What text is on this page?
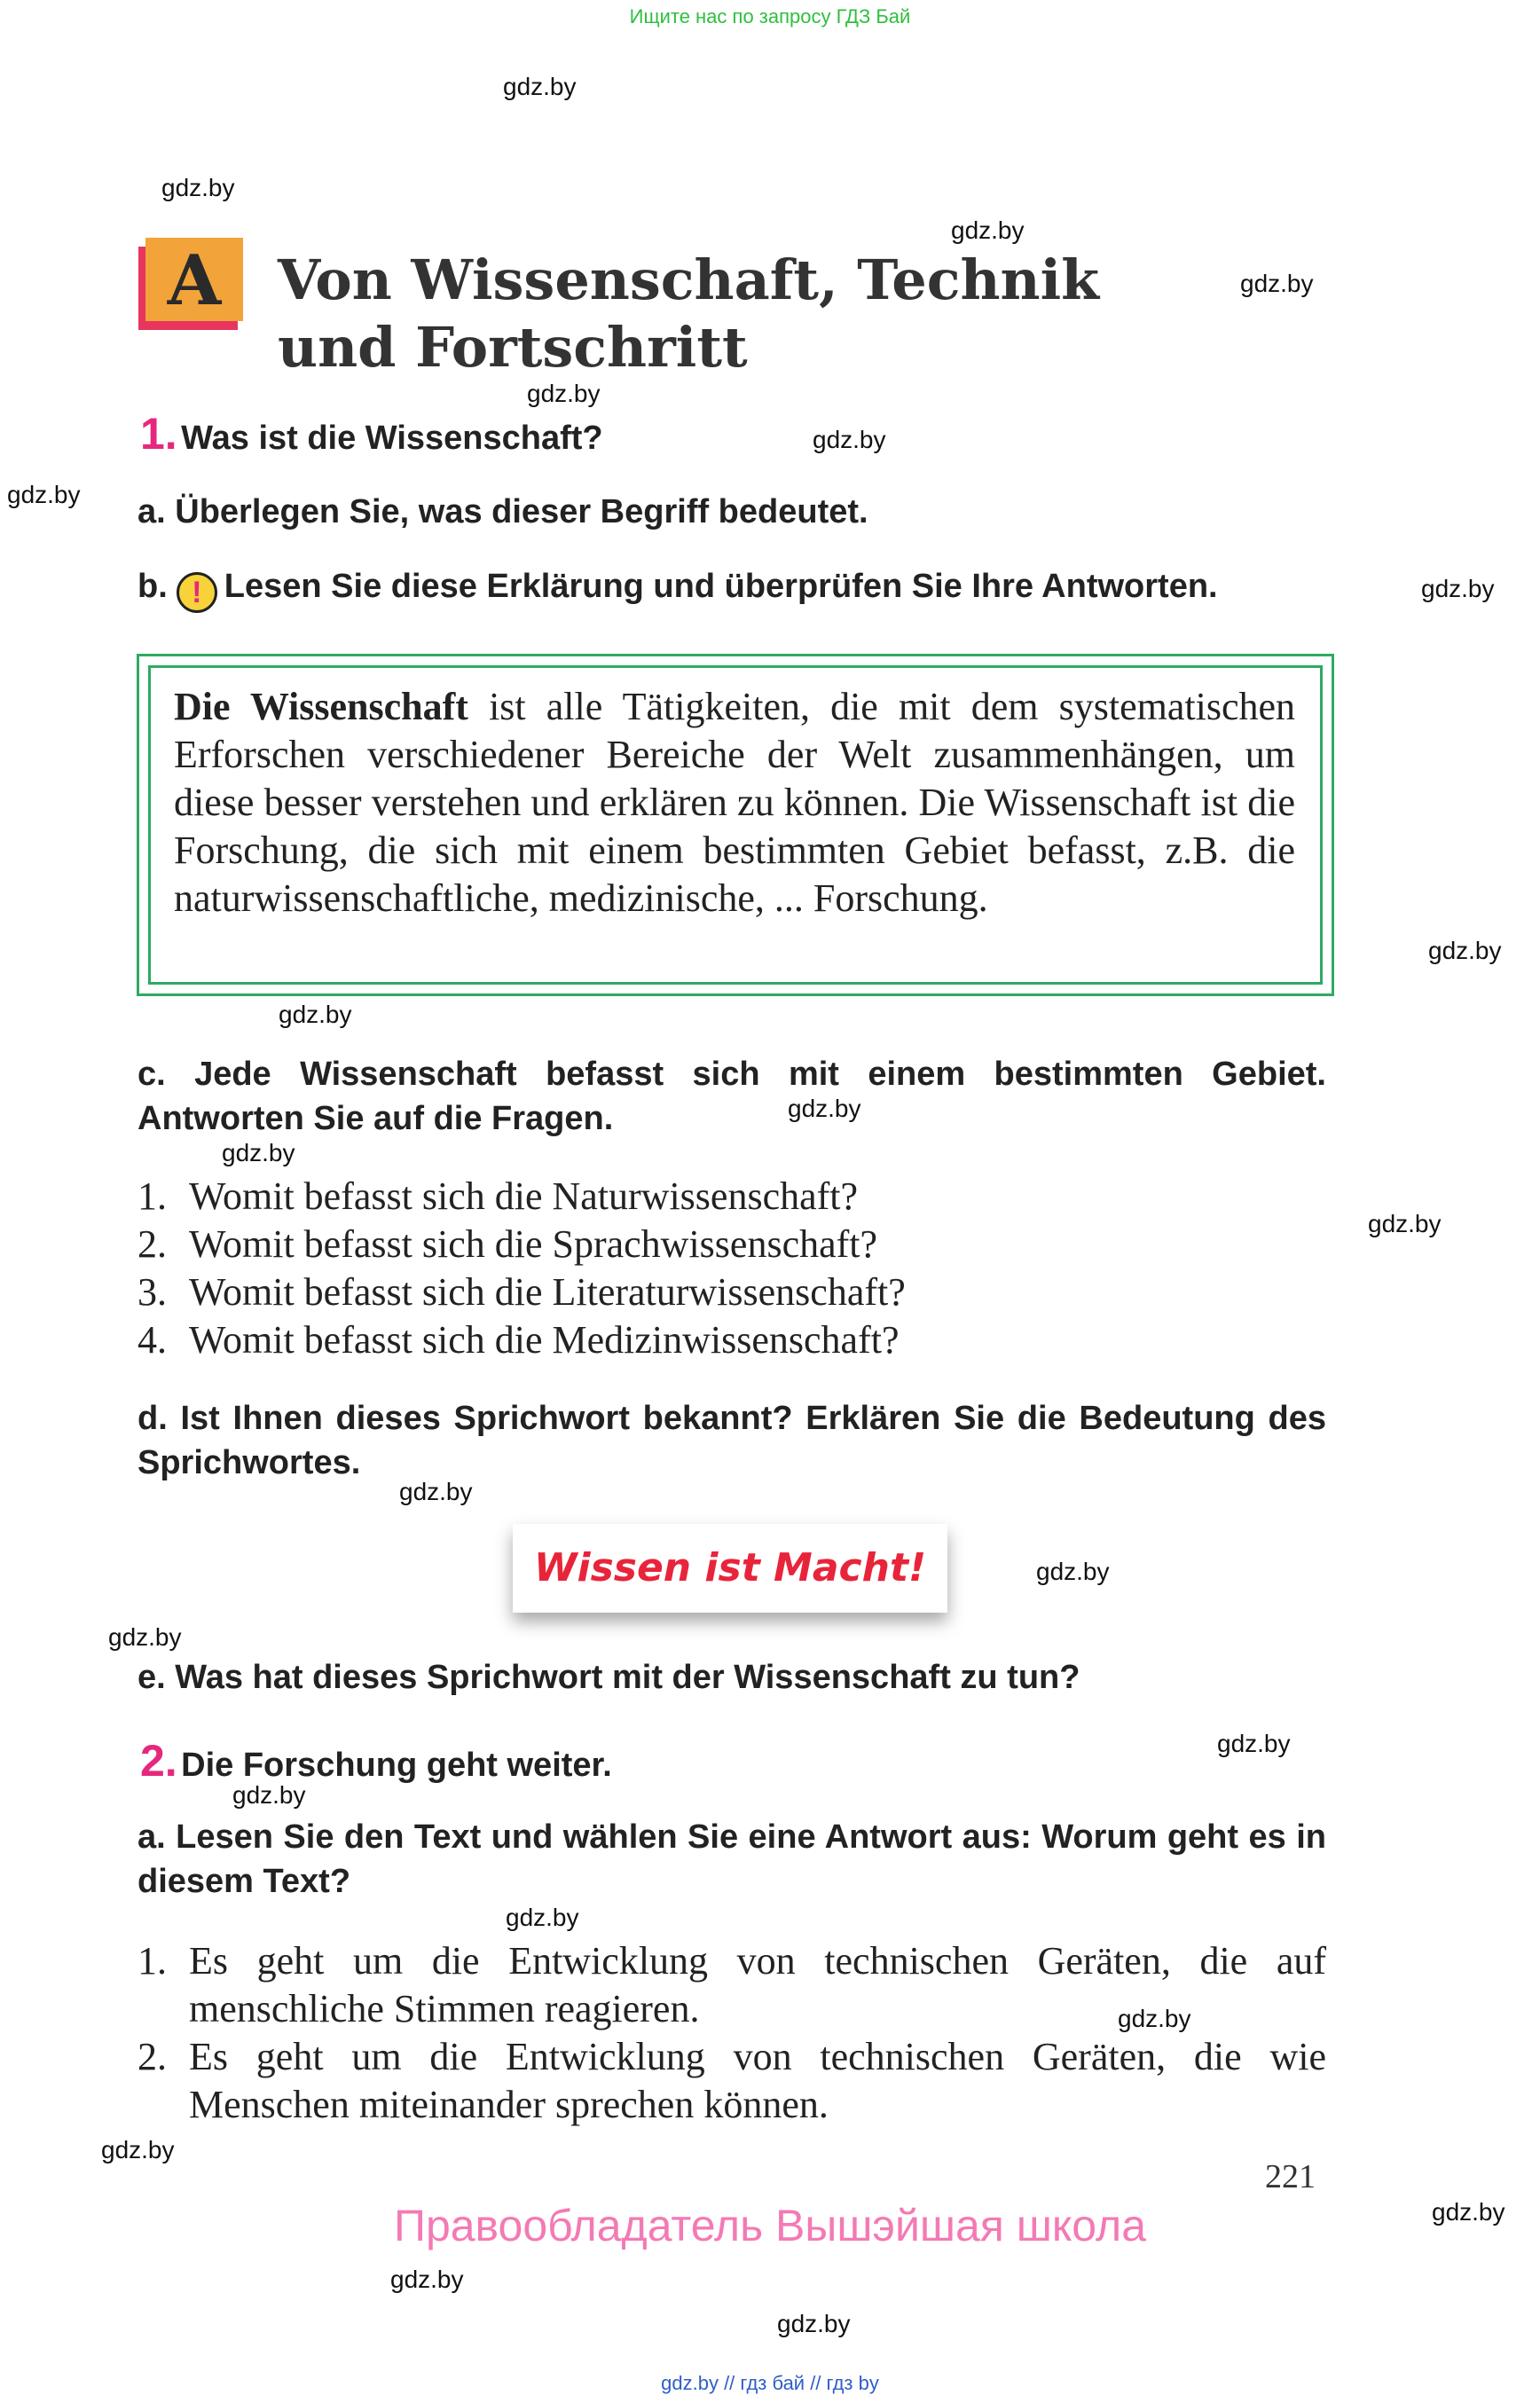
Ищите нас по запросу ГДЗ Бай
gdz.by
gdz.by
gdz.by
gdz.by
gdz.by
gdz.by
gdz.by
gdz.by
gdz.by
gdz.by
gdz.by
gdz.by
gdz.by
gdz.by
gdz.by
gdz.by
gdz.by
gdz.by
gdz.by
gdz.by
gdz.by
gdz.by
gdz.by
gdz.by
A	Von Wissenschaft, Technik
und Fortschritt
1. Was ist die Wissenschaft?
a. Überlegen Sie, was dieser Begriff bedeutet.
b. ! Lesen Sie diese Erklärung und überprüfen Sie Ihre Antworten.
Die Wissenschaft ist alle Tätigkeiten, die mit dem systematischen Erforschen verschiedener Bereiche der Welt zusammenhängen, um diese besser verstehen und erklären zu können. Die Wissenschaft ist die Forschung, die sich mit einem bestimmten Gebiet befasst, z.B. die naturwissenschaftliche, medizinische, ... Forschung.
c. Jede Wissenschaft befasst sich mit einem bestimmten Gebiet. Antworten Sie auf die Fragen.
1. Womit befasst sich die Naturwissenschaft?
2. Womit befasst sich die Sprachwissenschaft?
3. Womit befasst sich die Literaturwissenschaft?
4. Womit befasst sich die Medizinwissenschaft?
d. Ist Ihnen dieses Sprichwort bekannt? Erklären Sie die Bedeutung des Sprichwortes.
Wissen ist Macht!
e. Was hat dieses Sprichwort mit der Wissenschaft zu tun?
2. Die Forschung geht weiter.
a. Lesen Sie den Text und wählen Sie eine Antwort aus: Worum geht es in diesem Text?
1. Es geht um die Entwicklung von technischen Geräten, die auf menschliche Stimmen reagieren.
2. Es geht um die Entwicklung von technischen Geräten, die wie Menschen miteinander sprechen können.
221
Правообладатель Вышэйшая школа
gdz.by // гдз бай // гдз by
